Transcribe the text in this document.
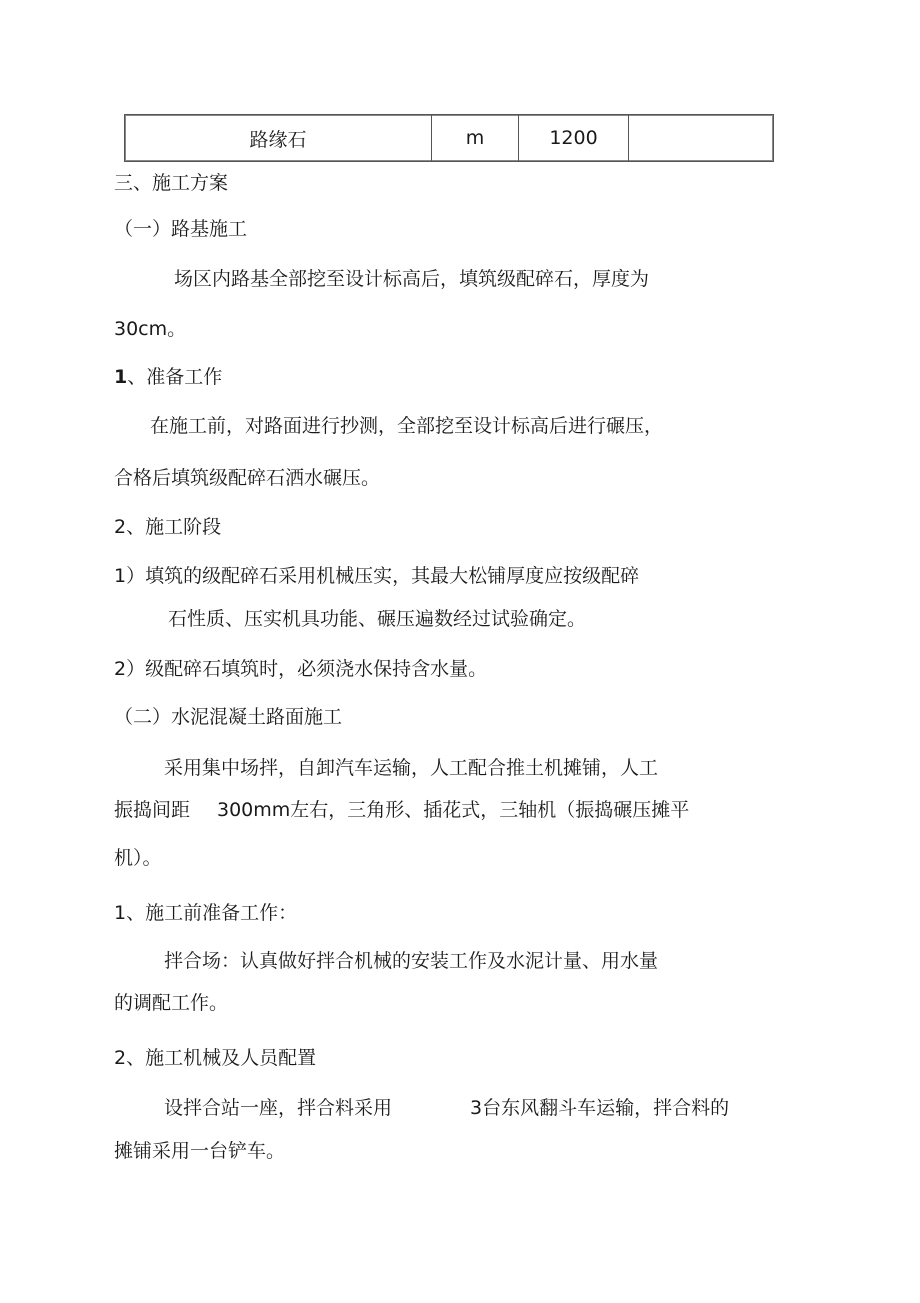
路缘石	m	1200

三、施工方案

（一）路基施工

场区内路基全部挖至设计标高后，填筑级配碎石，厚度为

30cm。

1、准备工作

在施工前，对路面进行抄测，全部挖至设计标高后进行碾压，

合格后填筑级配碎石洒水碾压。

2、施工阶段

1）填筑的级配碎石采用机械压实，其最大松铺厚度应按级配碎

石性质、压实机具功能、碾压遍数经过试验确定。

2）级配碎石填筑时，必须浇水保持含水量。

（二）水泥混凝土路面施工

采用集中场拌，自卸汽车运输，人工配合推土机摊铺，人工

振捣间距 300mm左右，三角形、插花式，三轴机（振捣碾压摊平

机）。

1、施工前准备工作：

拌合场：认真做好拌合机械的安装工作及水泥计量、用水量

的调配工作。

2、施工机械及人员配置

设拌合站一座，拌合料采用	3台东风翻斗车运输，拌合料的

摊铺采用一台铲车。
